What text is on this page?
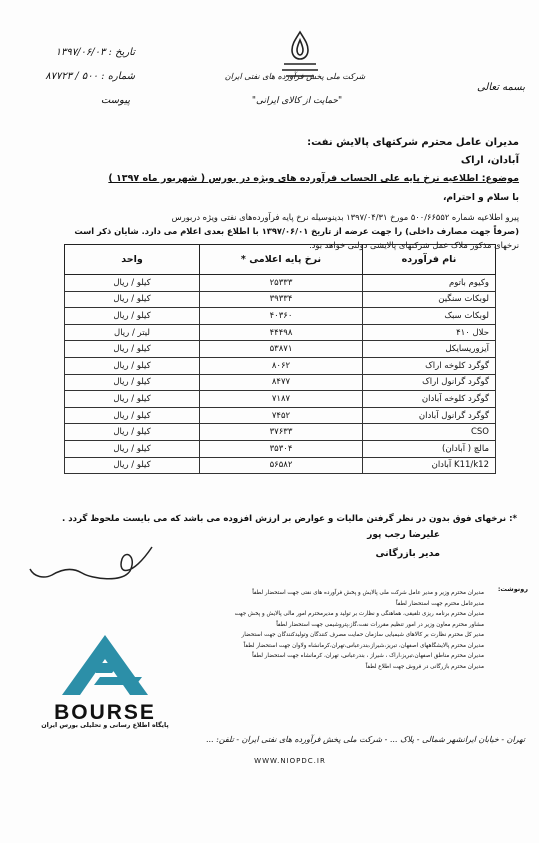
بسمه تعالی
شرکت ملی پخش فرآورده های نفتی ایران
"حمایت از کالای ایرانی"
تاریخ : ۱۳۹۷/۰۶/۰۳
شماره : ۵۰۰ / ۸۷۷۲۳
پیوست
مدیران عامل محترم شرکتهای پالایش نفت:
آبادان، اراک
موضوع: اطلاعیه نرخ پایه علی الحساب فرآورده های ویژه در بورس ( شهریور ماه ۱۳۹۷ )
با سلام و احترام،
پیرو اطلاعیه شماره ۵۰۰/۶۶۵۵۲ مورخ ۱۳۹۷/۰۴/۳۱ بدینوسیله نرخ پایه فرآورده‌های نفتی ویژه دربورس
(صرفاً جهت مصارف داخلی) را جهت عرضه از تاریخ ۱۳۹۷/۰۶/۰۱ با اطلاع بعدی اعلام می دارد. شایان ذکر است
نرخهای مذکور ملاک عمل شرکتهای پالایشی دولتی خواهد بود.
نام فرآورده	نرخ پایه اعلامی *	واحد
وکیوم باتوم	۲۵۳۳۳	کیلو / ریال
لوبکات سنگین	۳۹۳۳۴	کیلو / ریال
لوبکات سبک	۴۰۳۶۰	کیلو / ریال
حلال ۴۱۰	۴۴۴۹۸	لیتر / ریال
آیزوریسایکل	۵۳۸۷۱	کیلو / ریال
گوگرد کلوخه اراک	۸۰۶۲	کیلو / ریال
گوگرد گرانول اراک	۸۴۷۷	کیلو / ریال
گوگرد کلوخه آبادان	۷۱۸۷	کیلو / ریال
گوگرد گرانول آبادان	۷۴۵۲	کیلو / ریال
CSO	۳۷۶۳۳	کیلو / ریال
مالچ ( آبادان)	۳۵۳۰۴	کیلو / ریال
K11/k12 آبادان	۵۶۵۸۲	کیلو / ریال
*: نرخهای فوق بدون در نظر گرفتن مالیات و عوارض بر ارزش افزوده می باشد که می بایست ملحوظ گردد .
علیرضا رجب پور
مدیر بازرگانی
رونوشت:
مدیران محترم وزیر و مدیر عامل شرکت ملی پالایش و پخش فرآورده های نفتی جهت استحضار لطفاً
مدیرعامل محترم جهت استحضار لطفاً
مدیران محترم برنامه ریزی تلفیقی، هماهنگی و نظارت بر تولید و مدیرمحترم امور مالی پالایش و پخش جهت
مشاور محترم معاون وزیر در امور تنظیم مقررات نفت،گاز،پتروشیمی جهت استحضار لطفاً
مدیر کل محترم نظارت بر کالاهای شیمیایی سازمان حمایت مصرف کنندگان وتولیدکنندگان جهت استحضار
مدیران محترم پالایشگاههای اصفهان، تبریز،شیراز،بندرعباس،تهران،کرمانشاه ولاوان جهت استحضار لطفاً
مدیران محترم مناطق اصفهان،تبریز،اراک ، شیراز ، بندرعباس، تهران، کرمانشاه جهت استحضار لطفاً
مدیران محترم بازرگانی در فروش جهت اطلاع لطفاً
BOURSE
پایگاه اطلاع رسانی و تحلیلی بورس ایران
تهران - خیابان ایرانشهر شمالی - پلاک ... - شرکت ملی پخش فرآورده های نفتی ایران - تلفن: ...
WWW.NIOPDC.IR
